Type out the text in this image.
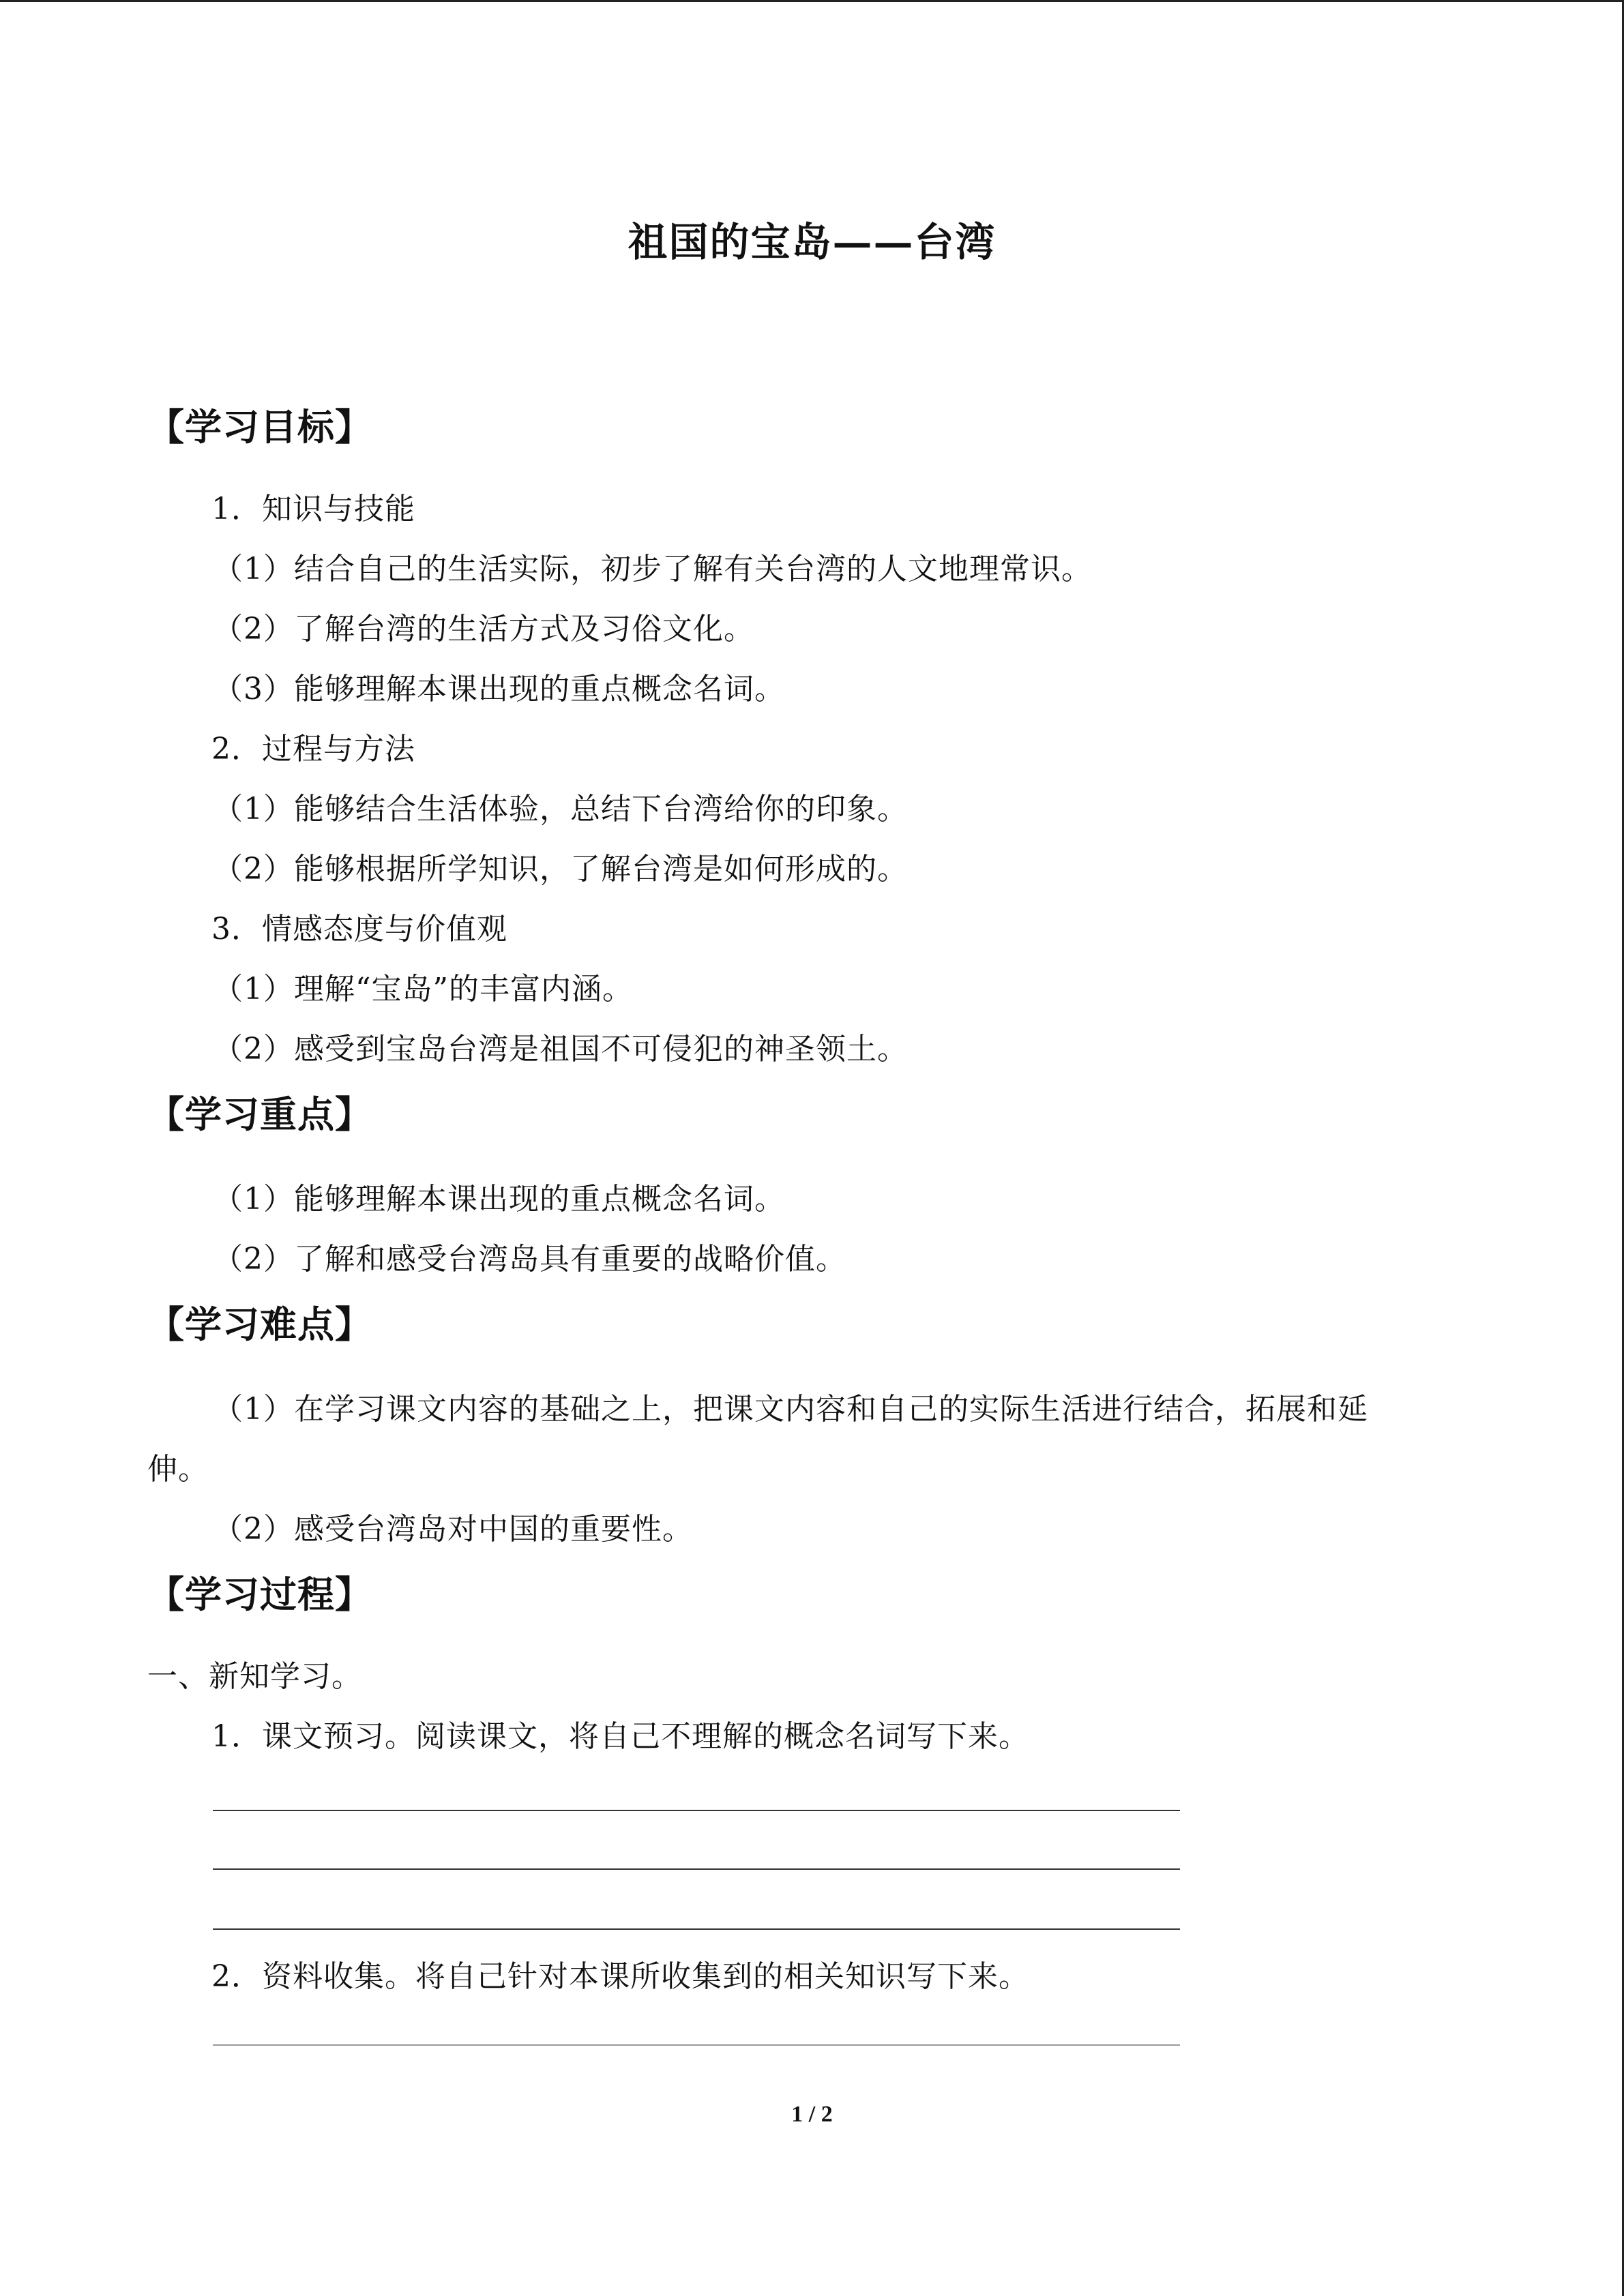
祖国的宝岛——台湾
【学习目标】
1．知识与技能
（1）结合自己的生活实际，初步了解有关台湾的人文地理常识。
（2）了解台湾的生活方式及习俗文化。
（3）能够理解本课出现的重点概念名词。
2．过程与方法
（1）能够结合生活体验，总结下台湾给你的印象。
（2）能够根据所学知识，了解台湾是如何形成的。
3．情感态度与价值观
（1）理解“宝岛”的丰富内涵。
（2）感受到宝岛台湾是祖国不可侵犯的神圣领土。
【学习重点】
（1）能够理解本课出现的重点概念名词。
（2）了解和感受台湾岛具有重要的战略价值。
【学习难点】
（1）在学习课文内容的基础之上，把课文内容和自己的实际生活进行结合，拓展和延
伸。
（2）感受台湾岛对中国的重要性。
【学习过程】
一、新知学习。
1．课文预习。阅读课文，将自己不理解的概念名词写下来。
2．资料收集。将自己针对本课所收集到的相关知识写下来。
1 / 2
